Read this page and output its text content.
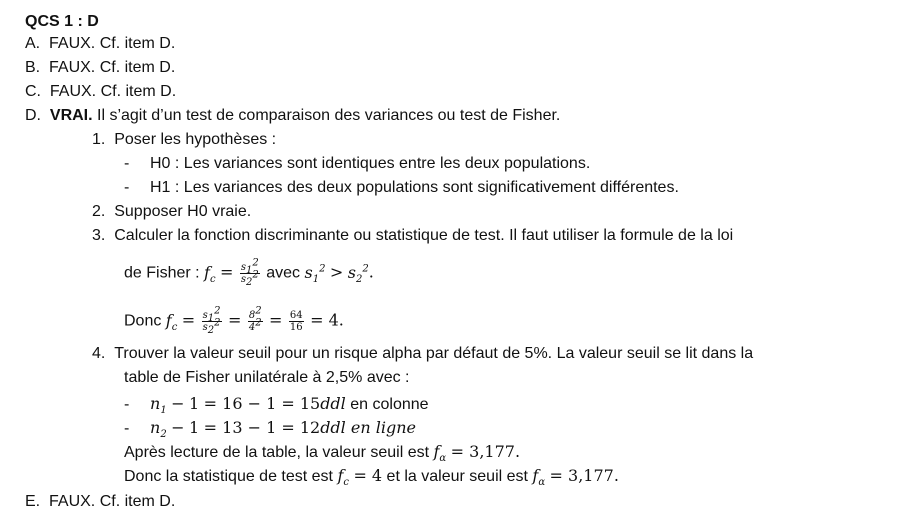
QCS 1 : D
A. FAUX. Cf. item D.
B. FAUX. Cf. item D.
C. FAUX. Cf. item D.
D. VRAI. Il s’agit d’un test de comparaison des variances ou test de Fisher.
1. Poser les hypothèses :
- H0 : Les variances sont identiques entre les deux populations.
- H1 : Les variances des deux populations sont significativement différentes.
2. Supposer H0 vraie.
3. Calculer la fonction discriminante ou statistique de test. Il faut utiliser la formule de la loi
de Fisher : $f_c = \frac{s_1^2}{s_2^2}$ avec $s_1^2 > s_2^2$.
Donc $f_c = \frac{s_1^2}{s_2^2} = \frac{8^2}{4^2} = \frac{64}{16} = 4$.
4. Trouver la valeur seuil pour un risque alpha par défaut de 5%. La valeur seuil se lit dans la
table de Fisher unilatérale à 2,5% avec :
- $n_1 - 1 = 16 - 1 = 15ddl$ en colonne
- $n_2 - 1 = 13 - 1 = 12ddl$ en ligne
Après lecture de la table, la valeur seuil est $f_\alpha = 3,177$.
Donc la statistique de test est $f_c = 4$ et la valeur seuil est $f_\alpha = 3,177$.
E. FAUX. Cf. item D.
